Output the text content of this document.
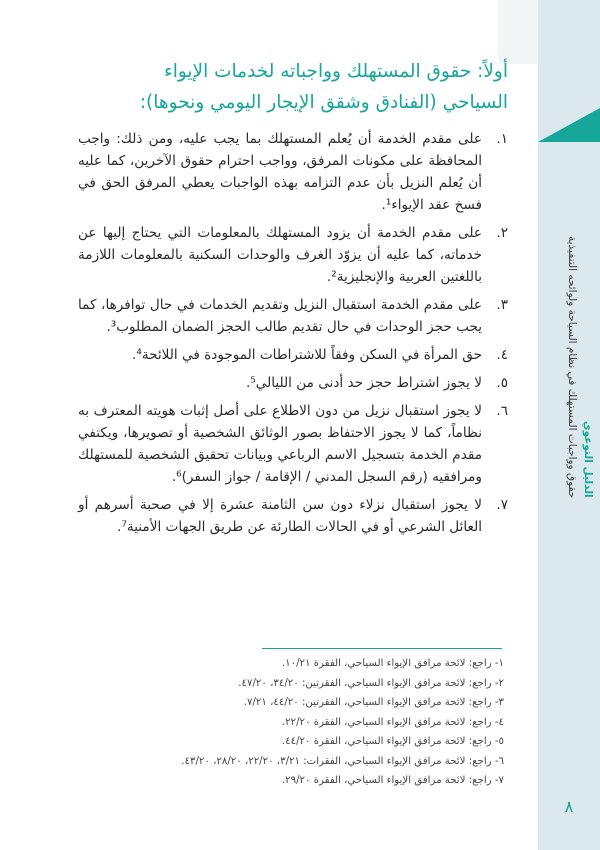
الدليل التوعوي
حقوق وواجبات المستهلك في نظام السياحة ولوائحه التنفيذية
٨
أولاً: حقوق المستهلك وواجباته لخدمات الإيواء
السياحي (الفنادق وشقق الإيجار اليومي ونحوها):
١.
على مقدم الخدمة أن يُعلم المستهلك بما يجب عليه، ومن ذلك: واجب المحافظة على مكونات المرفق، وواجب احترام حقوق الآخرين، كما عليه أن يُعلم النزيل بأن عدم التزامه بهذه الواجبات يعطي المرفق الحق في فسخ عقد الإيواء¹.
٢.
على مقدم الخدمة أن يزود المستهلك بالمعلومات التي يحتاج إليها عن خدماته، كما عليه أن يزوّد الغرف والوحدات السكنية بالمعلومات اللازمة باللغتين العربية والإنجليزية².
٣.
على مقدم الخدمة استقبال النزيل وتقديم الخدمات في حال توافرها، كما يجب حجز الوحدات في حال تقديم طالب الحجز الضمان المطلوب³.
٤.
حق المرأة في السكن وفقاً للاشتراطات الموجودة في اللائحة⁴.
٥.
لا يجوز اشتراط حجز حد أدنى من الليالي⁵.
٦.
لا يجوز استقبال نزيل من دون الاطلاع على أصل إثبات هويته المعترف به نظاماً، كما لا يجوز الاحتفاظ بصور الوثائق الشخصية أو تصويرها، ويكتفي مقدم الخدمة بتسجيل الاسم الرباعي وبيانات تحقيق الشخصية للمستهلك ومرافقيه (رقم السجل المدني / الإقامة / جواز السفر)⁶.
٧.
لا يجوز استقبال نزلاء دون سن الثامنة عشرة إلا في صحبة أسرهم أو العائل الشرعي أو في الحالات الطارئة عن طريق الجهات الأمنية⁷.
١- راجع: لائحة مرافق الإيواء السياحي، الفقرة ١٠/٢١.
٢- راجع: لائحة مرافق الإيواء السياحي، الفقرتين: ٣٤/٢٠، ٤٧/٢٠.
٣- راجع: لائحة مرافق الإيواء السياحي، الفقرتين: ٤٤/٢٠، ٧/٢١.
٤- راجع: لائحة مرافق الإيواء السياحي، الفقرة ٢٢/٢٠.
٥- راجع: لائحة مرافق الإيواء السياحي، الفقرة ٤٤/٢٠.
٦- راجع: لائحة مرافق الإيواء السياحي، الفقرات: ٣/٢١، ٢٢/٢٠، ٢٨/٢٠، ٤٣/٢٠.
٧- راجع: لائحة مرافق الإيواء السياحي، الفقرة ٢٩/٢٠.
